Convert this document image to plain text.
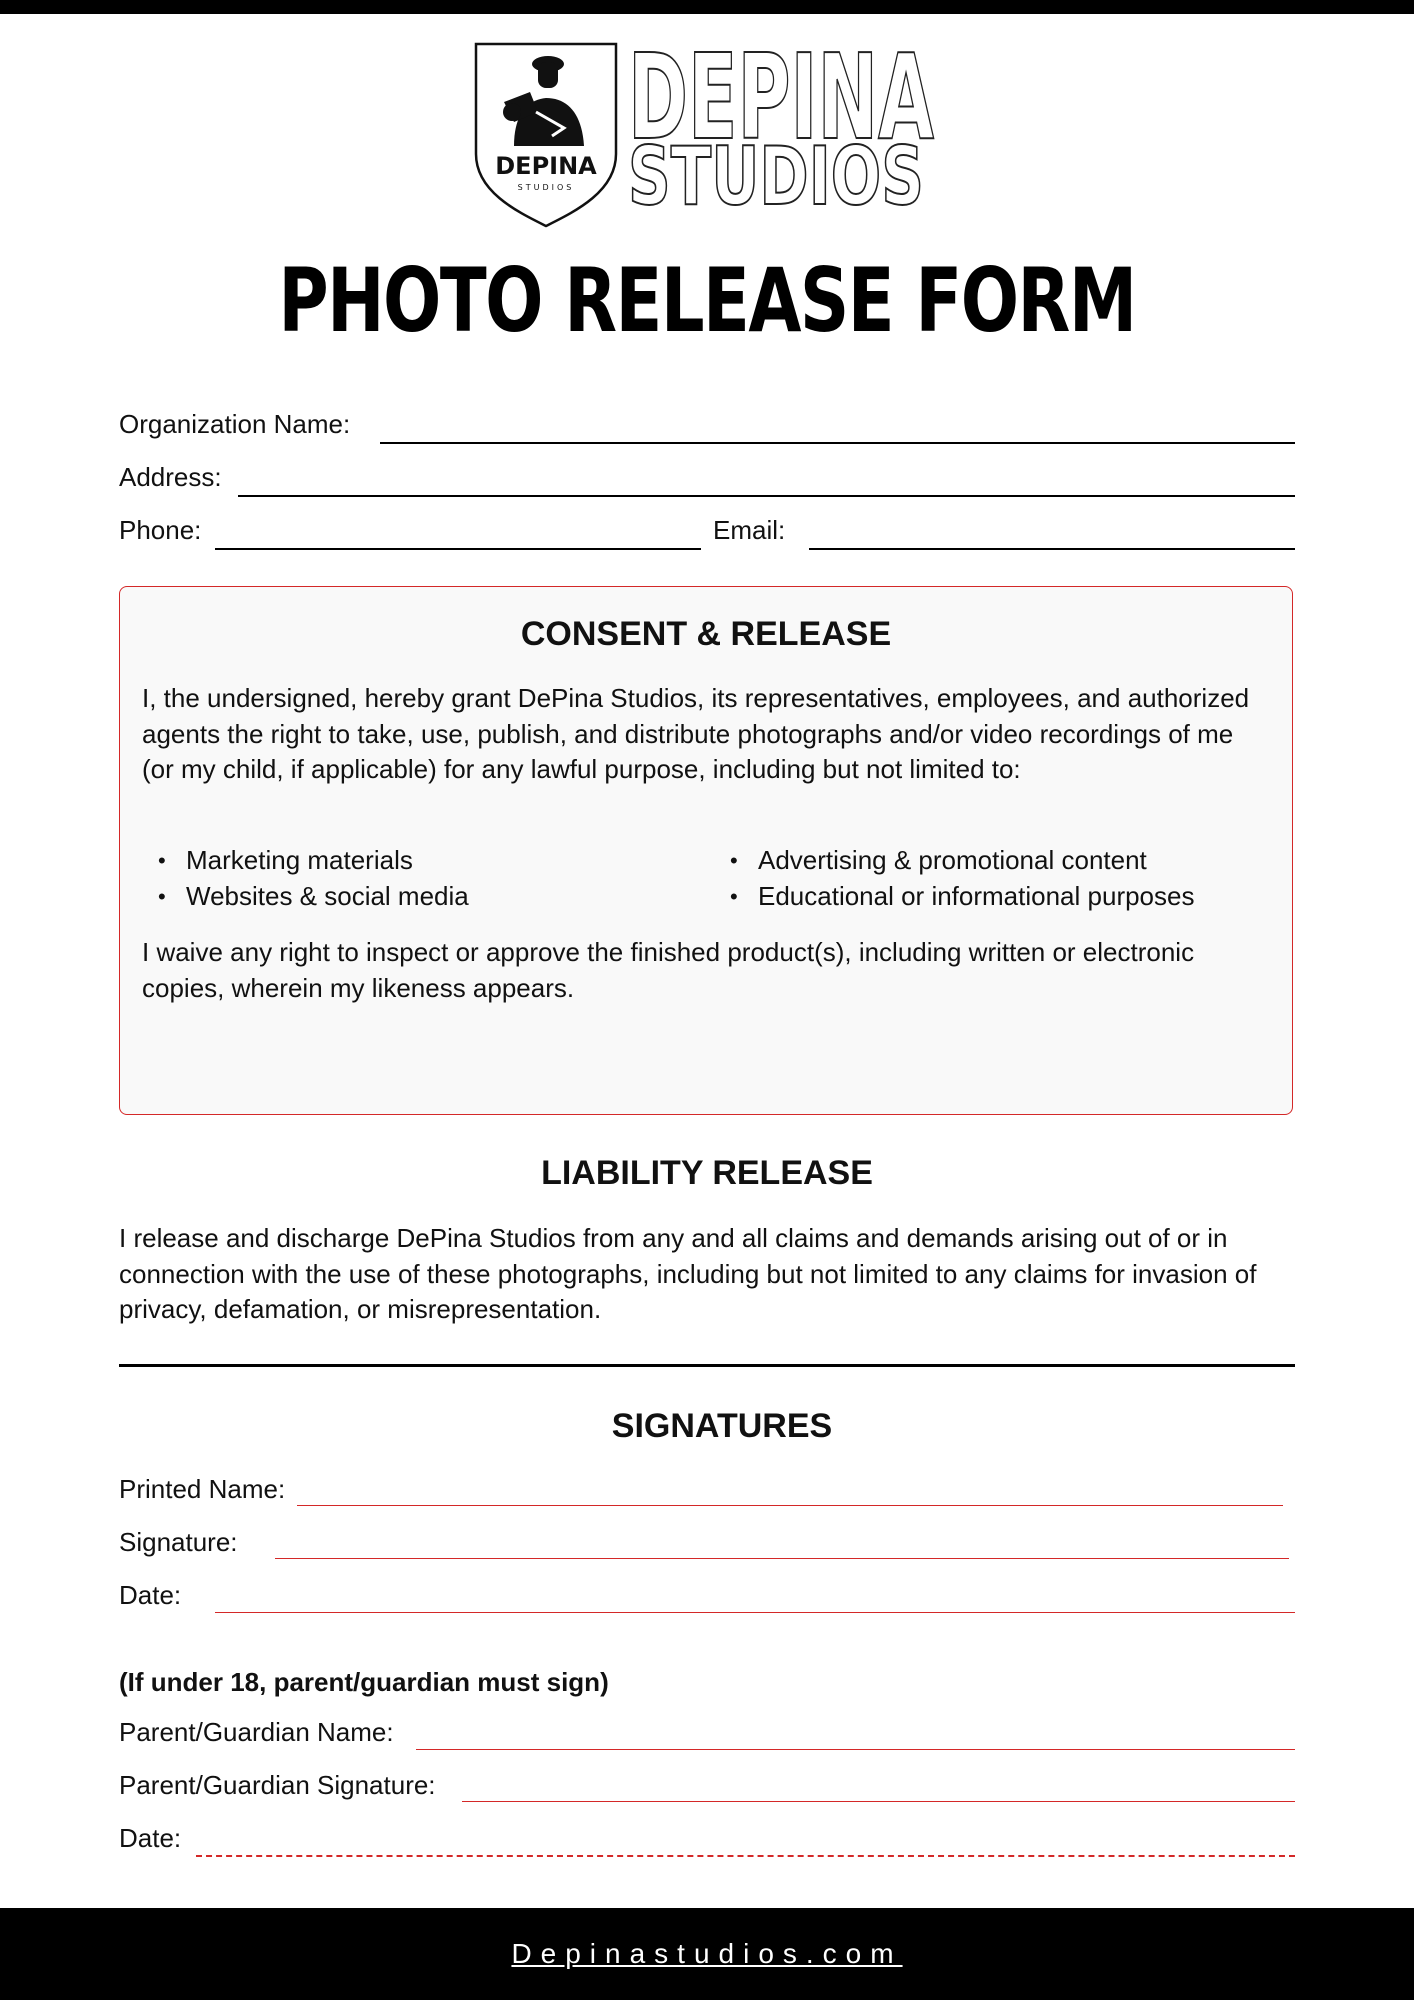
DEPINA
STUDIOS
DEPINA
STUDIOS
PHOTO RELEASE FORM
Organization Name:
Address:
Phone:	Email:
CONSENT & RELEASE

I, the undersigned, hereby grant DePina Studios, its representatives, employees, and authorized agents the right to take, use, publish, and distribute photographs and/or video recordings of me (or my child, if applicable) for any lawful purpose, including but not limited to:

• Marketing materials
• Websites & social media
• Advertising & promotional content
• Educational or informational purposes

I waive any right to inspect or approve the finished product(s), including written or electronic copies, wherein my likeness appears.

LIABILITY RELEASE

I release and discharge DePina Studios from any and all claims and demands arising out of or in connection with the use of these photographs, including but not limited to any claims for invasion of privacy, defamation, or misrepresentation.

SIGNATURES
Printed Name:
Signature:
Date:
(If under 18, parent/guardian must sign)
Parent/Guardian Name:
Parent/Guardian Signature:
Date:
Depinastudios.com
